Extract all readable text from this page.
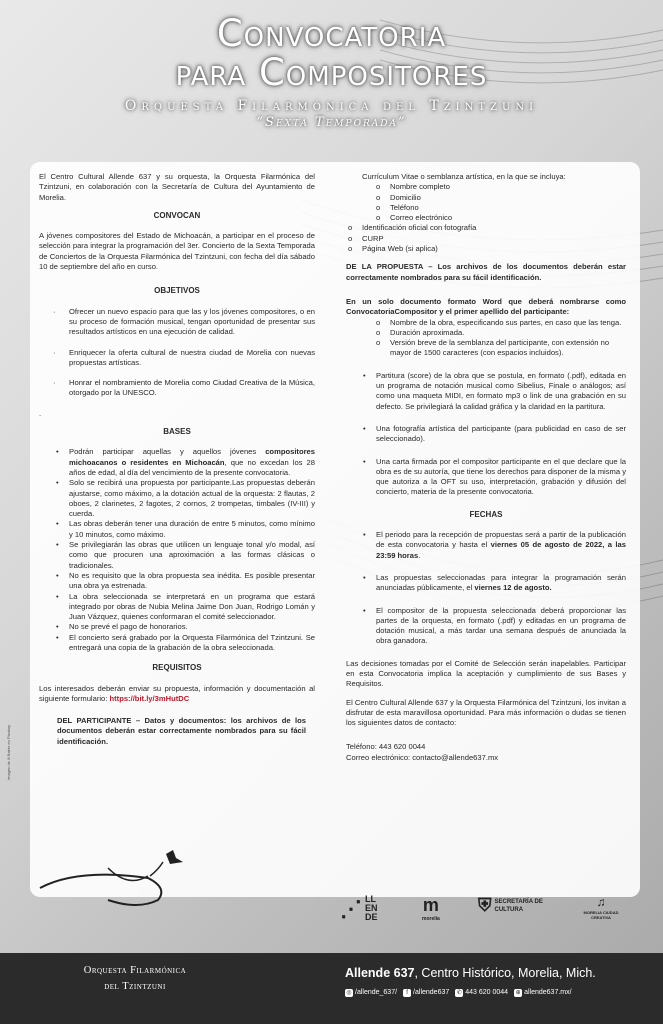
Convocatoria
para Compositores
Orquesta Filarmónica del Tzintzuni
“Sexta Temporada”

El Centro Cultural Allende 637 y su orquesta, la Orquesta Filarmónica del Tzintzuni, en colaboración con la Secretaría de Cultura del Ayuntamiento de Morelia.

CONVOCAN

A jóvenes compositores del Estado de Michoacán, a participar en el proceso de selección para integrar la programación del 3er. Concierto de la Sexta Temporada de Conciertos de la Orquesta Filarmónica del Tzintzuni, con fecha del día sábado 10 de septiembre del año en curso.

OBJETIVOS
· Ofrecer un nuevo espacio para que las y los jóvenes compositores, o en su proceso de formación musical, tengan oportunidad de presentar sus resultados artísticos en una ejecución de calidad.
· Enriquecer la oferta cultural de nuestra ciudad de Morelia con nuevas propuestas artísticas.
· Honrar el nombramiento de Morelia como Ciudad Creativa de la Música, otorgado por la UNESCO.

.

BASES
• Podrán participar aquellas y aquellos jóvenes compositores michoacanos o residentes en Michoacán, que no excedan los 28 años de edad, al día del vencimiento de la presente convocatoria.
• Solo se recibirá una propuesta por participante.Las propuestas deberán ajustarse, como máximo, a la dotación actual de la orquesta: 2 flautas, 2 oboes, 2 clarinetes, 2 fagotes, 2 cornos, 2 trompetas, timbales (IV-III) y cuerda.
• Las obras deberán tener una duración de entre 5 minutos, como mínimo y 10 minutos, como máximo.
• Se privilegiarán las obras que utilicen un lenguaje tonal y/o modal, así como que procuren una aproximación a las formas clásicas o tradicionales.
• No es requisito que la obra propuesta sea inédita. Es posible presentar una obra ya estrenada.
• La obra seleccionada se interpretará en un programa que estará integrado por obras de Nubia Melina Jaime Don Juan, Rodrigo Lomán y Juan Vázquez, quienes conformaran el comité seleccionador.
• No se prevé el pago de honorarios.
• El concierto será grabado por la Orquesta Filarmónica del Tzintzuni. Se entregará una copia de la grabación de la obra seleccionada.
REQUISITOS

Los interesados deberán enviar su propuesta, información y documentación al siguiente formulario: https://bit.ly/3mHutDC

DEL PARTICIPANTE – Datos y documentos: los archivos de los documentos deberán estar correctamente nombrados para su fácil identificación.

Currículum Vitae o semblanza artística, en la que se incluya:
o Nombre completo
o Domicilio
o Teléfono
o Correo electrónico
o Identificación oficial con fotografía
o CURP
o Página Web (si aplica)

DE LA PROPUESTA – Los archivos de los documentos deberán estar correctamente nombrados para su fácil identificación.

En un solo documento formato Word que deberá nombrarse como ConvocatoriaCompositor y el primer apellido del participante:

o Nombre de la obra, especificando sus partes, en caso que las tenga.
o Duración aproximada.
o Versión breve de la semblanza del participante, con extensión no mayor de 1500 caracteres (con espacios incluidos).
• Partitura (score) de la obra que se postula, en formato (.pdf), editada en un programa de notación musical como Sibelius, Finale o análogos; así como una maqueta MIDI, en formato mp3 o link de una grabación en su defecto. Se privilegiará la calidad gráfica y la claridad en la partitura.
• Una fotografía artística del participante (para publicidad en caso de ser seleccionado).
• Una carta firmada por el compositor participante en el que declare que la obra es de su autoría, que tiene los derechos para disponer de la misma y que autoriza a la OFT su uso, interpretación, grabación y difusión del concierto, materia de la presente convocatoria.
FECHAS
• El periodo para la recepción de propuestas será a partir de la publicación de esta convocatoria y hasta el viernes 05 de agosto de 2022, a las 23:59 horas.
• Las propuestas seleccionadas para integrar la programación serán anunciadas públicamente, el viernes 12 de agosto.
• El compositor de la propuesta seleccionada deberá proporcionar las partes de la orquesta, en formato (.pdf) y editadas en un programa de dotación musical, a más tardar una semana después de anunciada la obra ganadora.

Las decisiones tomadas por el Comité de Selección serán inapelables. Participar en esta Convocatoria implica la aceptación y cumplimiento de sus Bases y Requisitos.

El Centro Cultural Allende 637 y la Orquesta Filarmónica del Tzintzuni, los invitan a disfrutar de esta maravillosa oportunidad. Para más información o dudas se tienen los siguientes datos de contacto:

Teléfono: 443 620 0044

Correo electrónico: contacto@allende637.mx

⋰ LL EN DE
m
morelia
⛨ SECRETARÍA DE
CULTURA
♫
MORELIA CIUDAD CREATIVA
Imagen de lil Baker en Pixabay
Orquesta Filarmónica
del Tzintzuni
Allende 637, Centro Histórico, Morelia, Mich.
◎ /allende_637/	f /allende637 ✆ 443 620 0044 ⊕ allende637.mx/
